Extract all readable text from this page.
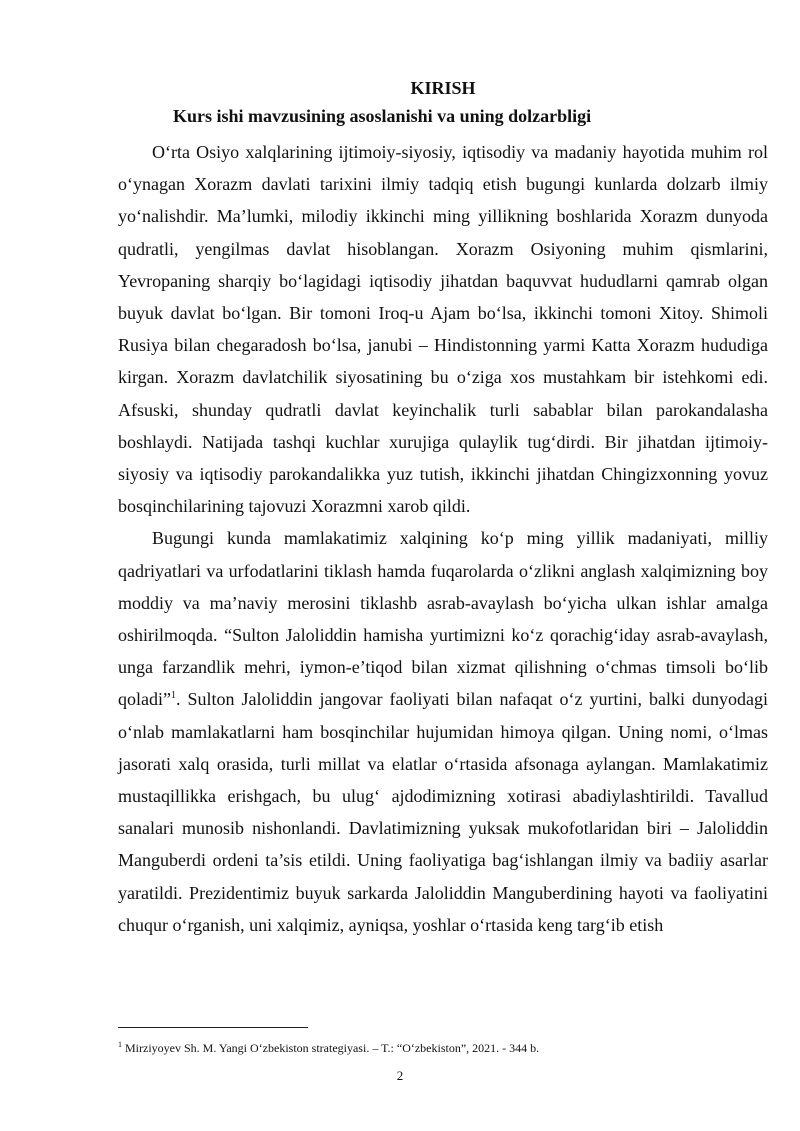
KIRISH

Kurs ishi mavzusining asoslanishi va uning dolzarbligi

O‘rta Osiyo xalqlarining ijtimoiy-siyosiy, iqtisodiy va madaniy hayotida muhim rol o‘ynagan Xorazm davlati tarixini ilmiy tadqiq etish bugungi kunlarda dolzarb ilmiy yo‘nalishdir. Ma’lumki, milodiy ikkinchi ming yillikning boshlarida Xorazm dunyoda qudratli, yengilmas davlat hisoblangan. Xorazm Osiyoning muhim qismlarini, Yevropaning sharqiy bo‘lagidagi iqtisodiy jihatdan baquvvat hududlarni qamrab olgan buyuk davlat bo‘lgan. Bir tomoni Iroq-u Ajam bo‘lsa, ikkinchi tomoni Xitoy. Shimoli Rusiya bilan chegaradosh bo‘lsa, janubi – Hindistonning yarmi Katta Xorazm hududiga kirgan. Xorazm davlatchilik siyosatining bu o‘ziga xos mustahkam bir istehkomi edi. Afsuski, shunday qudratli davlat keyinchalik turli sabablar bilan parokandalasha boshlaydi. Natijada tashqi kuchlar xurujiga qulaylik tug‘dirdi. Bir jihatdan ijtimoiy-siyosiy va iqtisodiy parokandalikka yuz tutish, ikkinchi jihatdan Chingizxonning yovuz bosqinchilarining tajovuzi Xorazmni xarob qildi.

Bugungi kunda mamlakatimiz xalqining ko‘p ming yillik madaniyati, milliy qadriyatlari va urfodatlarini tiklash hamda fuqarolarda o‘zlikni anglash xalqimizning boy moddiy va ma’naviy merosini tiklashb asrab-avaylash bo‘yicha ulkan ishlar amalga oshirilmoqda. “Sulton Jaloliddin hamisha yurtimizni ko‘z qorachig‘iday asrab-avaylash, unga farzandlik mehri, iymon-e’tiqod bilan xizmat qilishning o‘chmas timsoli bo‘lib qoladi”$^1$. Sulton Jaloliddin jangovar faoliyati bilan nafaqat o‘z yurtini, balki dunyodagi o‘nlab mamlakatlarni ham bosqinchilar hujumidan himoya qilgan. Uning nomi, o‘lmas jasorati xalq orasida, turli millat va elatlar o‘rtasida afsonaga aylangan. Mamlakatimiz mustaqillikka erishgach, bu ulug‘ ajdodimizning xotirasi abadiylashtirildi. Tavallud sanalari munosib nishonlandi. Davlatimizning yuksak mukofotlaridan biri – Jaloliddin Manguberdi ordeni ta’sis etildi. Uning faoliyatiga bag‘ishlangan ilmiy va badiiy asarlar yaratildi. Prezidentimiz buyuk sarkarda Jaloliddin Manguberdining hayoti va faoliyatini chuqur o‘rganish, uni xalqimiz, ayniqsa, yoshlar o‘rtasida keng targ‘ib etish

$^1$ Mirziyoyev Sh. M. Yangi O‘zbekiston strategiyasi. – T.: “O‘zbekiston”, 2021. - 344 b.
2
